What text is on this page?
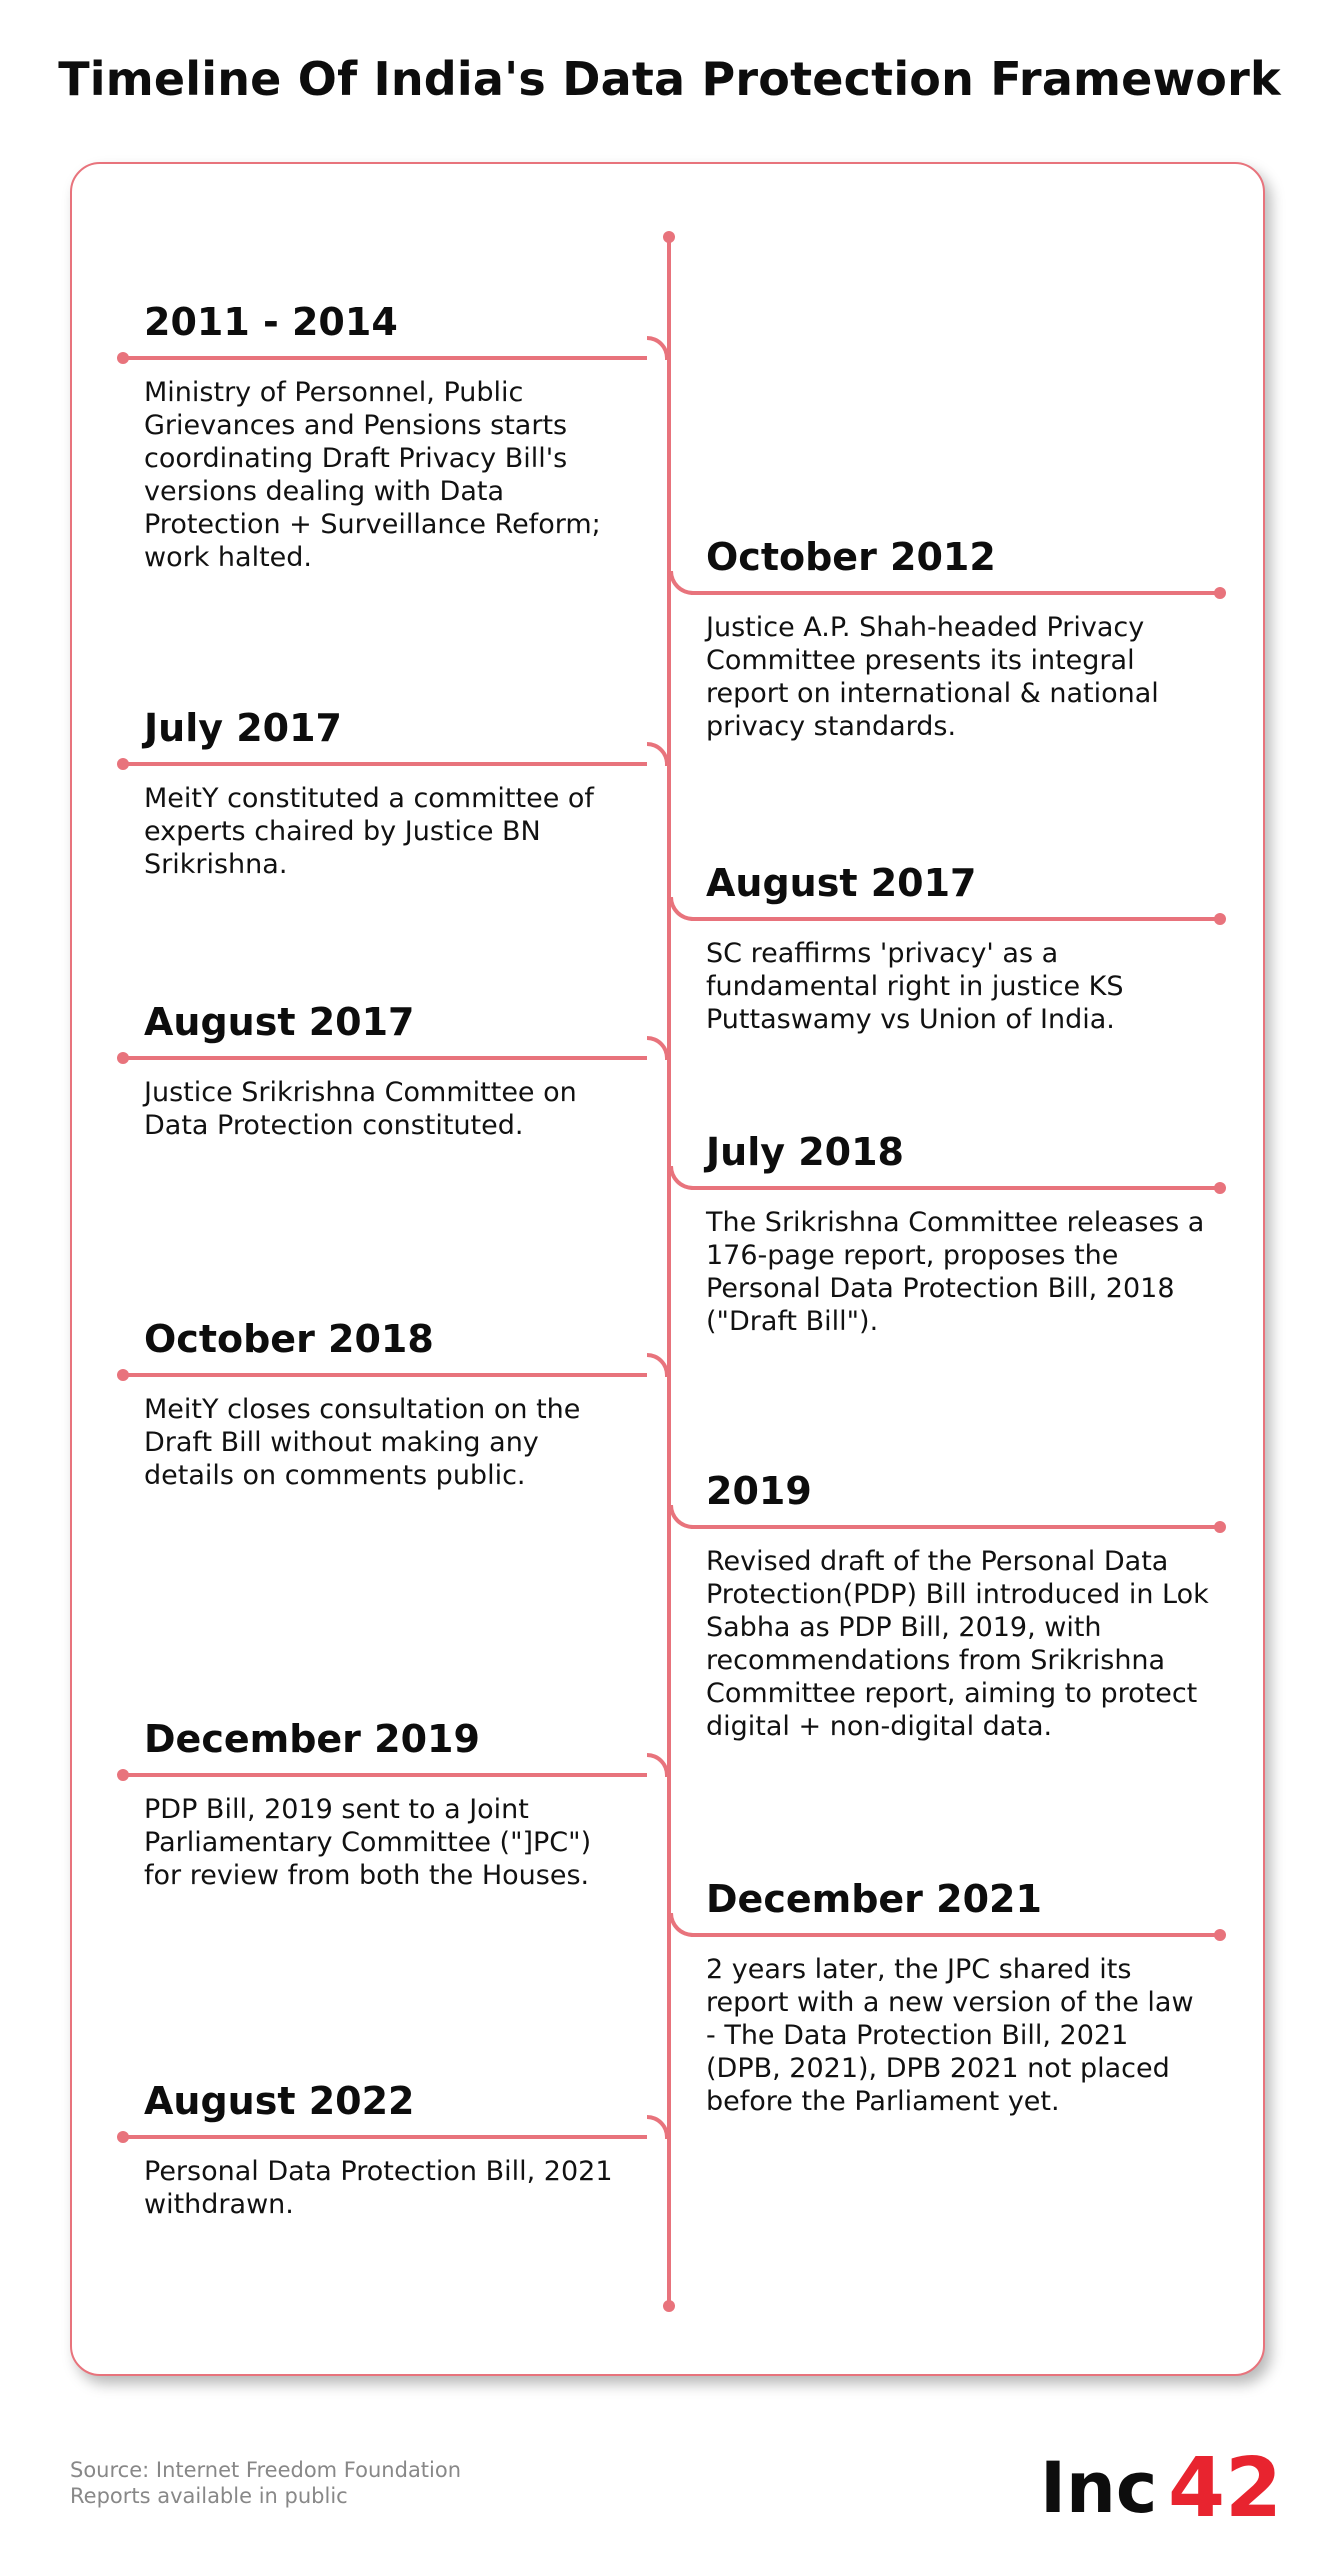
Timeline Of India's Data Protection Framework
2011 - 2014

Ministry of Personnel, Public Grievances and Pensions starts coordinating Draft Privacy Bill's versions dealing with Data Protection + Surveillance Reform; work halted.	October 2012

Justice A.P. Shah-headed Privacy Committee presents its integral report on international & national privacy standards.

July 2017

MeitY constituted a committee of experts chaired by Justice BN Srikrishna.	August 2017

SC reaffirms 'privacy' as a fundamental right in justice KS Puttaswamy vs Union of India.

August 2017

Justice Srikrishna Committee on Data Protection constituted.

July 2018

The Srikrishna Committee releases a 176-page report, proposes the Personal Data Protection Bill, 2018 ("Draft Bill").

October 2018

MeitY closes consultation on the Draft Bill without making any details on comments public.	2019

Revised draft of the Personal Data Protection(PDP) Bill introduced in Lok Sabha as PDP Bill, 2019, with recommendations from Srikrishna Committee report, aiming to protect digital + non-digital data.

December 2019

PDP Bill, 2019 sent to a Joint Parliamentary Committee ("]PC") for review from both the Houses.

December 2021

2 years later, the JPC shared its report with a new version of the law - The Data Protection Bill, 2021 (DPB, 2021), DPB 2021 not placed before the Parliament yet.

August 2022

Personal Data Protection Bill, 2021 withdrawn.

Source: Internet Freedom Foundation
Reports available in public	Inc 42
